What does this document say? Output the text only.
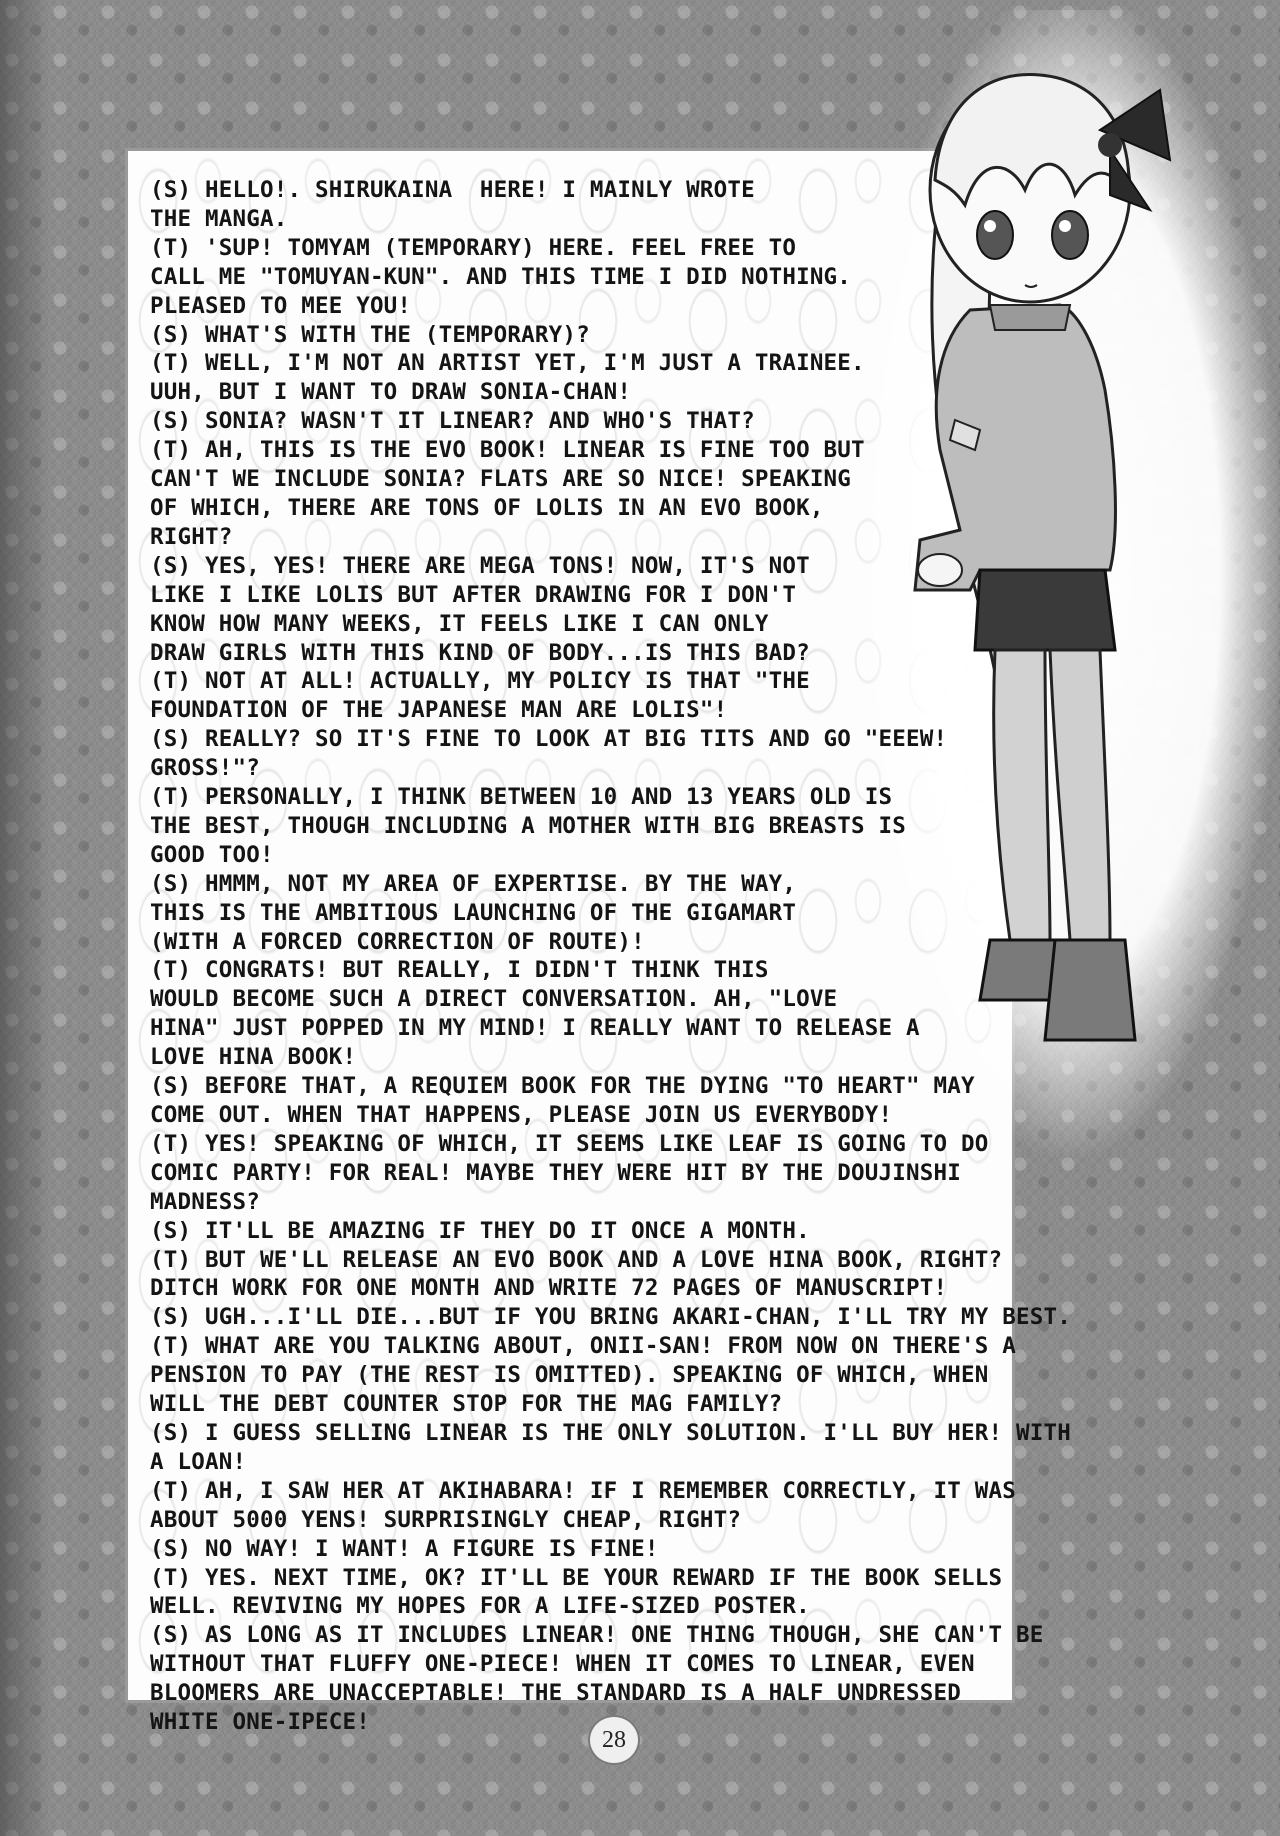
(S) HELLO!. SHIRUKAINA  HERE! I MAINLY WROTE
THE MANGA.
(T) 'SUP! TOMYAM (TEMPORARY) HERE. FEEL FREE TO
CALL ME "TOMUYAN-KUN". AND THIS TIME I DID NOTHING.
PLEASED TO MEE YOU!
(S) WHAT'S WITH THE (TEMPORARY)?
(T) WELL, I'M NOT AN ARTIST YET, I'M JUST A TRAINEE.
UUH, BUT I WANT TO DRAW SONIA-CHAN!
(S) SONIA? WASN'T IT LINEAR? AND WHO'S THAT?
(T) AH, THIS IS THE EVO BOOK! LINEAR IS FINE TOO BUT
CAN'T WE INCLUDE SONIA? FLATS ARE SO NICE! SPEAKING
OF WHICH, THERE ARE TONS OF LOLIS IN AN EVO BOOK,
RIGHT?
(S) YES, YES! THERE ARE MEGA TONS! NOW, IT'S NOT
LIKE I LIKE LOLIS BUT AFTER DRAWING FOR I DON'T
KNOW HOW MANY WEEKS, IT FEELS LIKE I CAN ONLY
DRAW GIRLS WITH THIS KIND OF BODY...IS THIS BAD?
(T) NOT AT ALL! ACTUALLY, MY POLICY IS THAT "THE
FOUNDATION OF THE JAPANESE MAN ARE LOLIS"!
(S) REALLY? SO IT'S FINE TO LOOK AT BIG TITS AND GO "EEEW!
GROSS!"?
(T) PERSONALLY, I THINK BETWEEN 10 AND 13 YEARS OLD IS
THE BEST, THOUGH INCLUDING A MOTHER WITH BIG BREASTS IS
GOOD TOO!
(S) HMMM, NOT MY AREA OF EXPERTISE. BY THE WAY,
THIS IS THE AMBITIOUS LAUNCHING OF THE GIGAMART
(WITH A FORCED CORRECTION OF ROUTE)!
(T) CONGRATS! BUT REALLY, I DIDN'T THINK THIS
WOULD BECOME SUCH A DIRECT CONVERSATION. AH, "LOVE
HINA" JUST POPPED IN MY MIND! I REALLY WANT TO RELEASE A
LOVE HINA BOOK!
(S) BEFORE THAT, A REQUIEM BOOK FOR THE DYING "TO HEART" MAY
COME OUT. WHEN THAT HAPPENS, PLEASE JOIN US EVERYBODY!
(T) YES! SPEAKING OF WHICH, IT SEEMS LIKE LEAF IS GOING TO DO
COMIC PARTY! FOR REAL! MAYBE THEY WERE HIT BY THE DOUJINSHI
MADNESS?
(S) IT'LL BE AMAZING IF THEY DO IT ONCE A MONTH.
(T) BUT WE'LL RELEASE AN EVO BOOK AND A LOVE HINA BOOK, RIGHT?
DITCH WORK FOR ONE MONTH AND WRITE 72 PAGES OF MANUSCRIPT!
(S) UGH...I'LL DIE...BUT IF YOU BRING AKARI-CHAN, I'LL TRY MY BEST.
(T) WHAT ARE YOU TALKING ABOUT, ONII-SAN! FROM NOW ON THERE'S A
PENSION TO PAY (THE REST IS OMITTED). SPEAKING OF WHICH, WHEN
WILL THE DEBT COUNTER STOP FOR THE MAG FAMILY?
(S) I GUESS SELLING LINEAR IS THE ONLY SOLUTION. I'LL BUY HER! WITH
A LOAN!
(T) AH, I SAW HER AT AKIHABARA! IF I REMEMBER CORRECTLY, IT WAS
ABOUT 5000 YENS! SURPRISINGLY CHEAP, RIGHT?
(S) NO WAY! I WANT! A FIGURE IS FINE!
(T) YES. NEXT TIME, OK? IT'LL BE YOUR REWARD IF THE BOOK SELLS
WELL. REVIVING MY HOPES FOR A LIFE-SIZED POSTER.
(S) AS LONG AS IT INCLUDES LINEAR! ONE THING THOUGH, SHE CAN'T BE
WITHOUT THAT FLUFFY ONE-PIECE! WHEN IT COMES TO LINEAR, EVEN
BLOOMERS ARE UNACCEPTABLE! THE STANDARD IS A HALF UNDRESSED
WHITE ONE-IPECE!
28
